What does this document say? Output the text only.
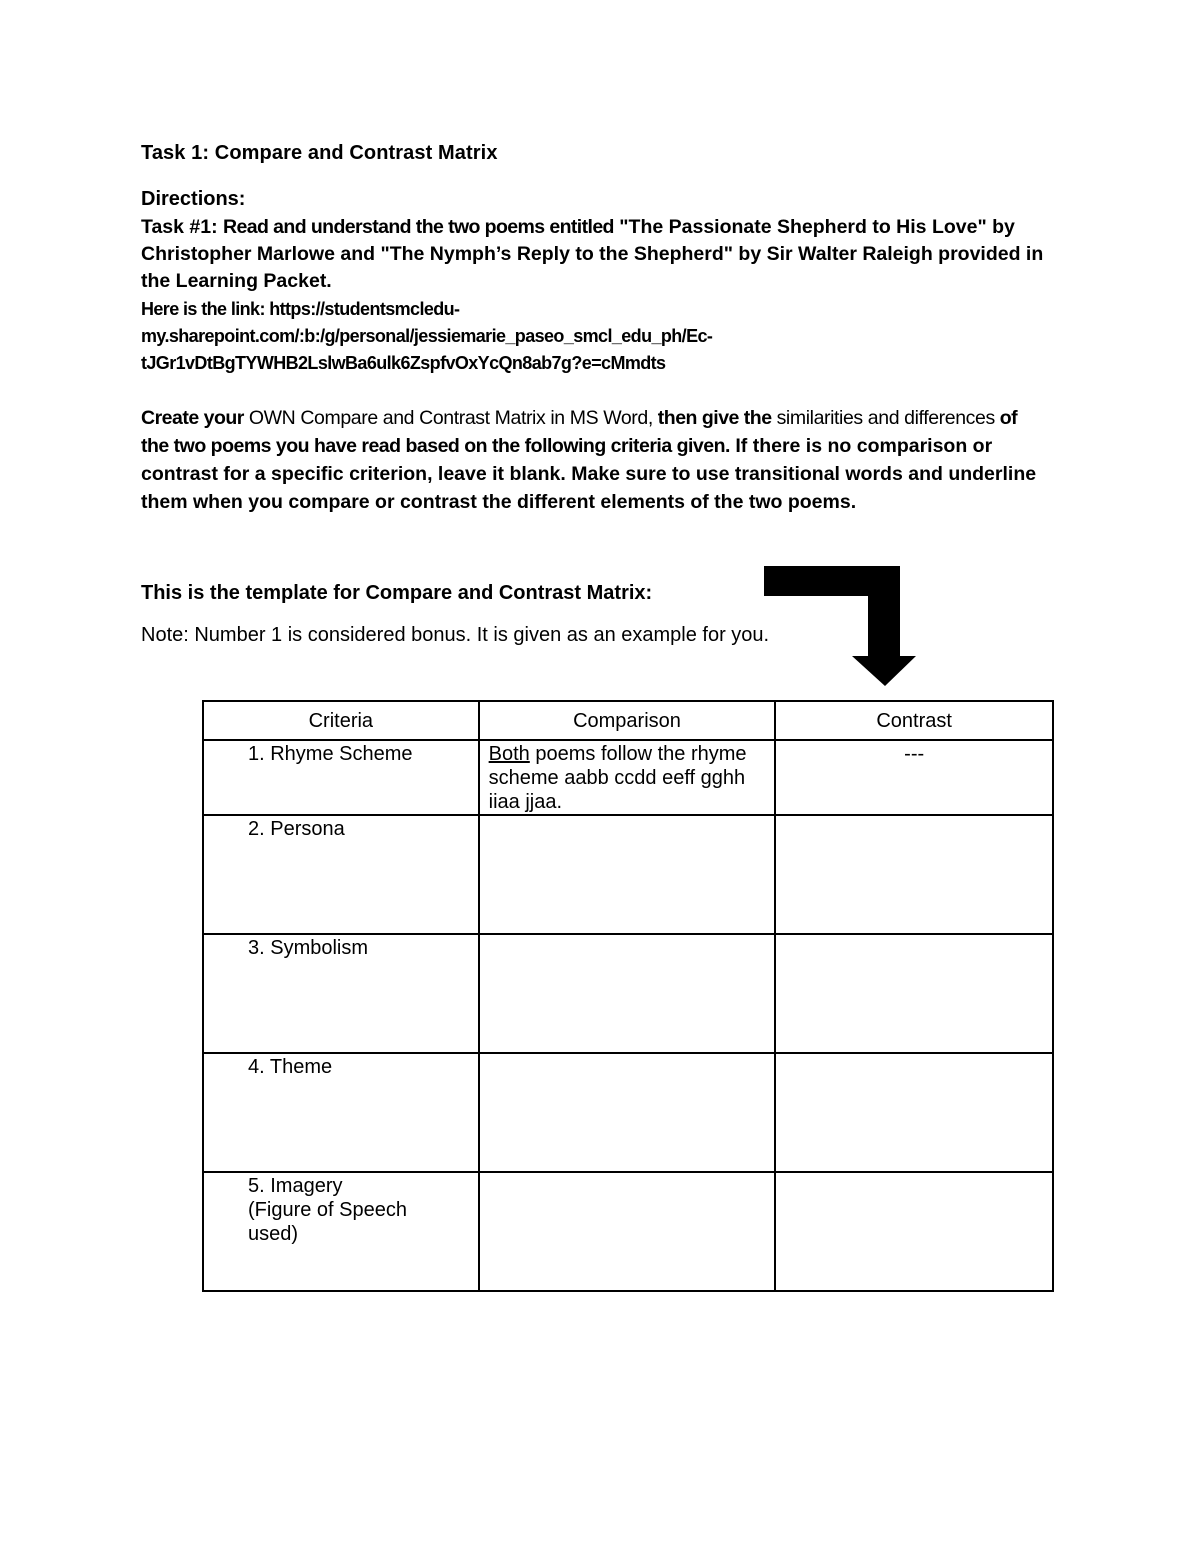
Task 1: Compare and Contrast Matrix
Directions:
Task #1: Read and understand the two poems entitled "The Passionate Shepherd to His Love" by Christopher Marlowe and "The Nymph’s Reply to the Shepherd" by Sir Walter Raleigh provided in the Learning Packet.
Here is the link: https://studentsmcledu-
my.sharepoint.com/:b:/g/personal/jessiemarie_paseo_smcl_edu_ph/Ec-
tJGr1vDtBgTYWHB2LslwBa6ulk6ZspfvOxYcQn8ab7g?e=cMmdts
Create your OWN Compare and Contrast Matrix in MS Word, then give the similarities and differences of the two poems you have read based on the following criteria given. If there is no comparison or contrast for a specific criterion, leave it blank. Make sure to use transitional words and underline them when you compare or contrast the different elements of the two poems.
This is the template for Compare and Contrast Matrix:
Note: Number 1 is considered bonus. It is given as an example for you.
Criteria	Comparison	Contrast

1. Rhyme Scheme	Both poems follow the rhyme scheme aabb ccdd eeff gghh iiaa jjaa.	---

2. Persona		

3. Symbolism		

4. Theme		

5. Imagery
(Figure of Speech
used)		
